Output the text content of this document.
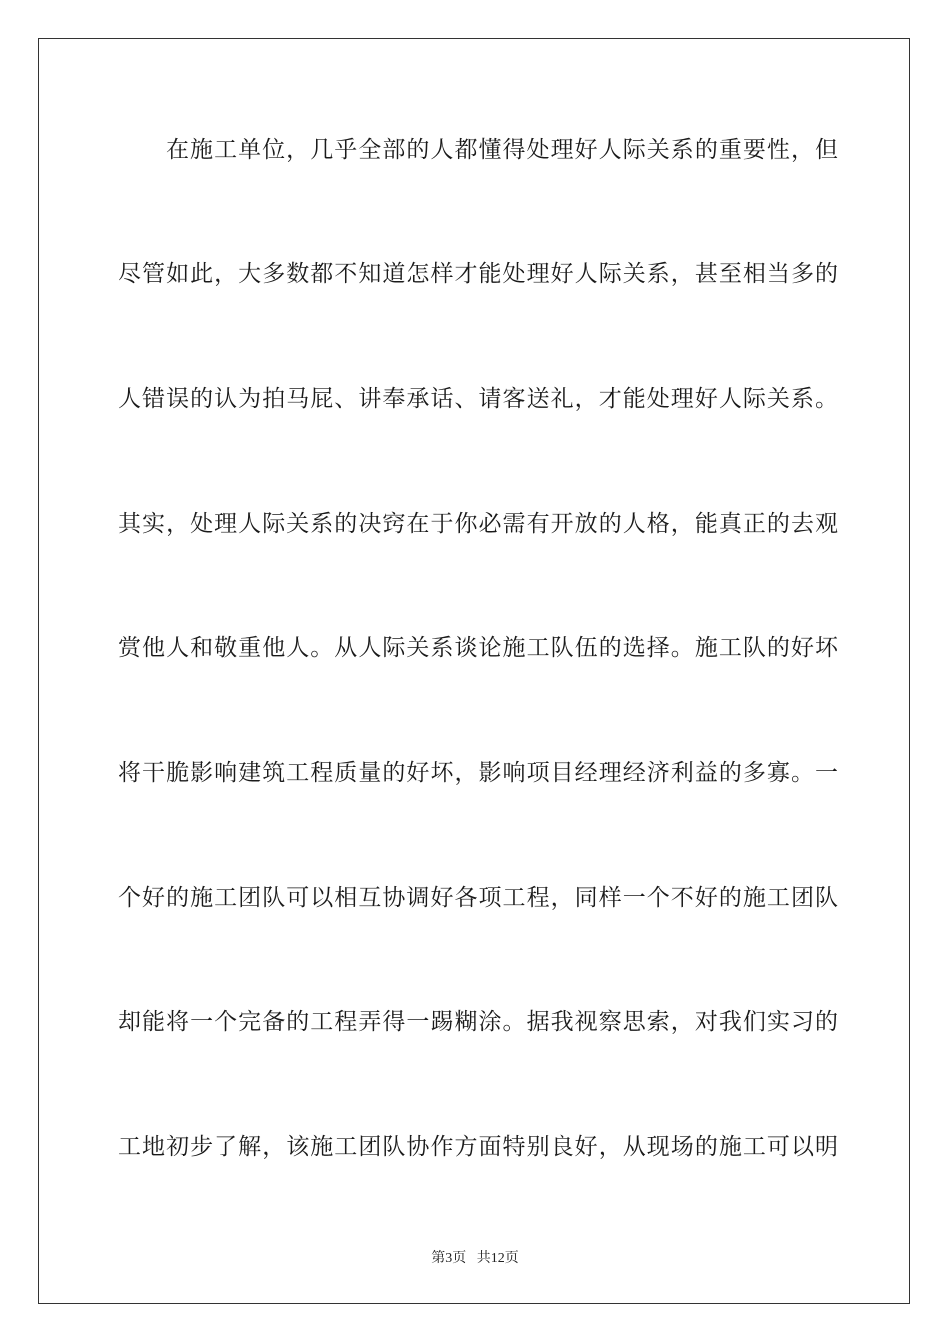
在施工单位，几乎全部的人都懂得处理好人际关系的重要性，但
尽管如此，大多数都不知道怎样才能处理好人际关系，甚至相当多的
人错误的认为拍马屁、讲奉承话、请客送礼，才能处理好人际关系。
其实，处理人际关系的决窍在于你必需有开放的人格，能真正的去观
赏他人和敬重他人。从人际关系谈论施工队伍的选择。施工队的好坏
将干脆影响建筑工程质量的好坏，影响项目经理经济利益的多寡。一
个好的施工团队可以相互协调好各项工程，同样一个不好的施工团队
却能将一个完备的工程弄得一踢糊涂。据我视察思索，对我们实习的
工地初步了解，该施工团队协作方面特别良好，从现场的施工可以明
第3页 共12页
